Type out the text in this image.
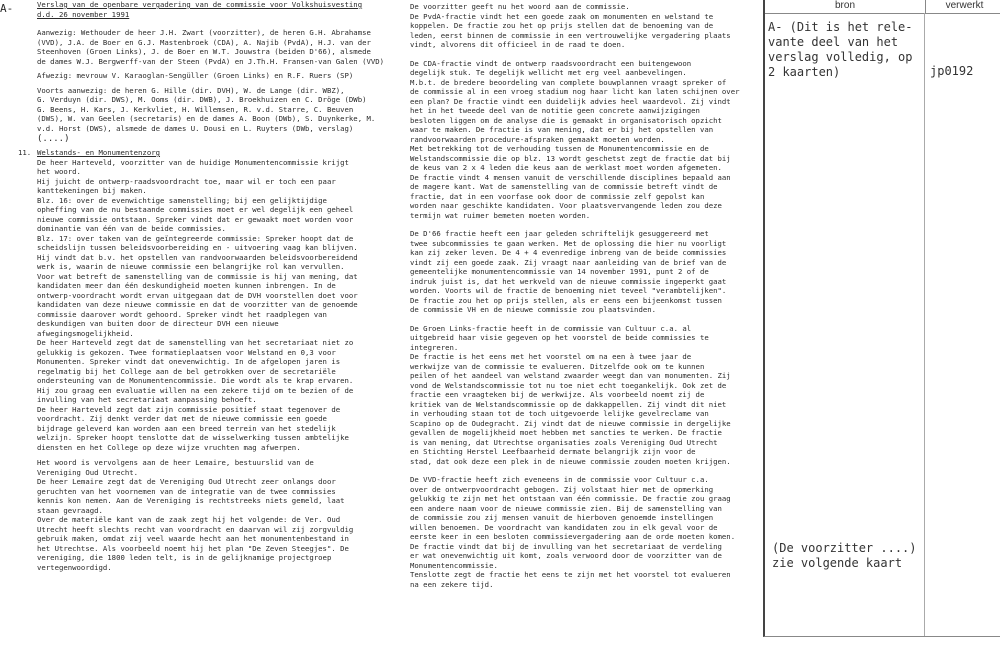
A-	Verslag van de openbare vergadering van de commissie voor Volkshuisvesting
d.d. 26 november 1991
Aanwezig: Wethouder de heer J.H. Zwart (voorzitter), de heren G.H. Abrahamse
(VVD), J.A. de Boer en G.J. Mastenbroek (CDA), A. Najib (PvdA), H.J. van der
Steenhoven (Groen Links), J. de Boer en W.T. Jouwstra (beiden D'66), alsmede
de dames W.J. Bergwerff-van der Steen (PvdA) en J.Th.H. Fransen-van Galen (VVD)
Afwezig: mevrouw V. Karaoglan-Sengüller (Groen Links) en R.F. Ruers (SP)
Voorts aanwezig: de heren G. Hille (dir. DVH), W. de Lange (dir. WBZ),
G. Verduyn (dir. DWS), M. Ooms (dir. DWB), J. Broekhuizen en C. Dröge (DWb)
G. Beens, H. Kars, J. Kerkvliet, H. Willemsen, R. v.d. Starre, C. Beuven
(DWS), W. van Geelen (secretaris) en de dames A. Boon (DWb), S. Duynkerke, M.
v.d. Horst (DWS), alsmede de dames U. Dousi en L. Ruyters (DWb, verslag)
(....)
11. Welstands- en Monumentenzorg
De heer Harteveld, voorzitter van de huidige Monumentencommissie krijgt
het woord.
Hij juicht de ontwerp-raadsvoordracht toe, maar wil er toch een paar
kanttekeningen bij maken.
Blz. 16: over de evenwichtige samenstelling; bij een gelijktijdige
opheffing van de nu bestaande commissies moet er wel degelijk een geheel
nieuwe commissie ontstaan. Spreker vindt dat er gewaakt moet worden voor
dominantie van één van de beide commissies.
Blz. 17: over taken van de geïntegreerde commissie: Spreker hoopt dat de
scheidslijn tussen beleidsvoorbereiding en - uitvoering vaag kan blijven.
Hij vindt dat b.v. het opstellen van randvoorwaarden beleidsvoorbereidend
werk is, waarin de nieuwe commissie een belangrijke rol kan vervullen.
Voor wat betreft de samenstelling van de commissie is hij van mening, dat
kandidaten meer dan één deskundigheid moeten kunnen inbrengen. In de
ontwerp-voordracht wordt ervan uitgegaan dat de DVH voorstellen doet voor
kandidaten van deze nieuwe commissie en dat de voorzitter van de genoemde
commissie daarover wordt gehoord. Spreker vindt het raadplegen van
deskundigen van buiten door de directeur DVH een nieuwe
afwegingsmogelijkheid.
De heer Harteveld zegt dat de samenstelling van het secretariaat niet zo
gelukkig is gekozen. Twee formatieplaatsen voor Welstand en 0,3 voor
Monumenten. Spreker vindt dat onevenwichtig. In de afgelopen jaren is
regelmatig bij het College aan de bel getrokken over de secretariële
ondersteuning van de Monumentencommissie. Die wordt als te krap ervaren.
Hij zou graag een evaluatie willen na een zekere tijd om te bezien of de
invulling van het secretariaat aanpassing behoeft.
De heer Harteveld zegt dat zijn commissie positief staat tegenover de
voordracht. Zij denkt verder dat met de nieuwe commissie een goede
bijdrage geleverd kan worden aan een breed terrein van het stedelijk
welzijn. Spreker hoopt tenslotte dat de wisselwerking tussen ambtelijke
diensten en het College op deze wijze vruchten mag afwerpen.
Het woord is vervolgens aan de heer Lemaire, bestuurslid van de
Vereniging Oud Utrecht.
De heer Lemaire zegt dat de Vereniging Oud Utrecht zeer onlangs door
geruchten van het voornemen van de integratie van de twee commissies
kennis kon nemen. Aan de Vereniging is rechtstreeks niets gemeld, laat
staan gevraagd.
Over de materiële kant van de zaak zegt hij het volgende: de Ver. Oud
Utrecht heeft slechts recht van voordracht en daarvan wil zij zorgvuldig
gebruik maken, omdat zij veel waarde hecht aan het monumentenbestand in
het Utrechtse. Als voorbeeld noemt hij het plan "De Zeven Steegjes". De
vereniging, die 1800 leden telt, is in de gelijknamige projectgroep
vertegenwoordigd.
De voorzitter geeft nu het woord aan de commissie.
De PvdA-fractie vindt het een goede zaak om monumenten en welstand te
koppelen. De fractie zou het op prijs stellen dat de benoeming van de
leden, eerst binnen de commissie in een vertrouwelijke vergadering plaats
vindt, alvorens dit officieel in de raad te doen.
De CDA-fractie vindt de ontwerp raadsvoordracht een buitengewoon
degelijk stuk. Te degelijk wellicht met erg veel aanbevelingen.
M.b.t. de bredere beoordeling van complete bouwplannen vraagt spreker of
de commissie al in een vroeg stadium nog haar licht kan laten schijnen over
een plan? De fractie vindt een duidelijk advies heel waardevol. Zij vindt
het in het tweede deel van de notitie geen concrete aanwijzigingen
besloten liggen om de analyse die is gemaakt in organisatorisch opzicht
waar te maken. De fractie is van mening, dat er bij het opstellen van
randvoorwaarden procedure-afspraken gemaakt moeten worden.
Met betrekking tot de verhouding tussen de Monumentencommissie en de
Welstandscommissie die op blz. 13 wordt geschetst zegt de fractie dat bij
de keus van 2 x 4 leden die keus aan de werklast moet worden afgemeten.
De fractie vindt 4 mensen vanuit de verschillende disciplines bepaald aan
de magere kant. Wat de samenstelling van de commissie betreft vindt de
fractie, dat in een voorfase ook door de commissie zelf gepolst kan
worden naar geschikte kandidaten. Voor plaatsvervangende leden zou deze
termijn wat ruimer bemeten moeten worden.
De D'66 fractie heeft een jaar geleden schriftelijk gesuggereerd met
twee subcommissies te gaan werken. Met de oplossing die hier nu voorligt
kan zij zeker leven. De 4 + 4 evenredige inbreng van de beide commissies
vindt zij een goede zaak. Zij vraagt naar aanleiding van de brief van de
gemeentelijke monumentencommissie van 14 november 1991, punt 2 of de
indruk juist is, dat het werkveld van de nieuwe commissie ingeperkt gaat
worden. Voorts wil de fractie de benoeming niet teveel "verambtelijken".
De fractie zou het op prijs stellen, als er eens een bijeenkomst tussen
de commissie VH en de nieuwe commissie zou plaatsvinden.
De Groen Links-fractie heeft in de commissie van Cultuur c.a. al
uitgebreid haar visie gegeven op het voorstel de beide commissies te
integreren.
De fractie is het eens met het voorstel om na een à twee jaar de
werkwijze van de commissie te evalueren. Ditzelfde ook om te kunnen
peilen of het aandeel van welstand zwaarder weegt dan van monumenten. Zij
vond de Welstandscommissie tot nu toe niet echt toegankelijk. Ook zet de
fractie een vraagteken bij de werkwijze. Als voorbeeld noemt zij de
kritiek van de Welstandscommissie op de dakkappellen. Zij vindt dit niet
in verhouding staan tot de toch uitgevoerde lelijke gevelreclame van
Scapino op de Oudegracht. Zij vindt dat de nieuwe commissie in dergelijke
gevallen de mogelijkheid moet hebben met sancties te werken. De fractie
is van mening, dat Utrechtse organisaties zoals Vereniging Oud Utrecht
en Stichting Herstel Leefbaarheid dermate belangrijk zijn voor de
stad, dat ook deze een plek in de nieuwe commissie zouden moeten krijgen.
De VVD-fractie heeft zich eveneens in de commissie voor Cultuur c.a.
over de ontwerpvoordracht gebogen. Zij volstaat hier met de opmerking
gelukkig te zijn met het ontstaan van één commissie. De fractie zou graag
een andere naam voor de nieuwe commissie zien. Bij de samenstelling van
de commissie zou zij mensen vanuit de hierboven genoemde instellingen
willen benoemen. De voordracht van kandidaten zou in elk geval voor de
eerste keer in een besloten commissievergadering aan de orde moeten komen.
De fractie vindt dat bij de invulling van het secretariaat de verdeling
er wat onevenwichtig uit komt, zoals verwoord door de voorzitter van de
Monumentencommissie.
Tenslotte zegt de fractie het eens te zijn met het voorstel tot evalueren
na een zekere tijd.
bron	verwerkt
A- (Dit is het rele-
vante deel van het
verslag volledig, op
2 kaarten)	jp0192
(De voorzitter ....)
zie volgende kaart
